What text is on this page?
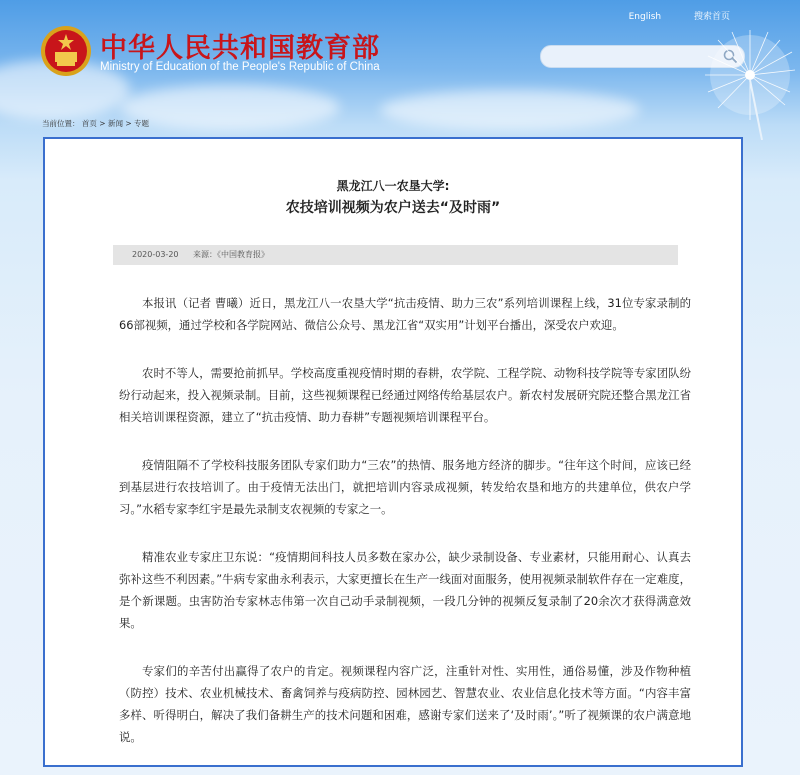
中华人民共和国教育部
Ministry of Education of the People's Republic of China
English	搜索首页
当前位置： 首页 > 新闻 > 专题
黑龙江八一农垦大学:
农技培训视频为农户送去“及时雨”
2020-03-20 来源：《中国教育报》

本报讯（记者 曹曦）近日，黑龙江八一农垦大学“抗击疫情、助力三农”系列培训课程上线，31位专家录制的66部视频，通过学校和各学院网站、微信公众号、黑龙江省“双实用”计划平台播出，深受农户欢迎。

农时不等人，需要抢前抓早。学校高度重视疫情时期的春耕，农学院、工程学院、动物科技学院等专家团队纷纷行动起来，投入视频录制。目前，这些视频课程已经通过网络传给基层农户。新农村发展研究院还整合黑龙江省相关培训课程资源，建立了“抗击疫情、助力春耕”专题视频培训课程平台。

疫情阻隔不了学校科技服务团队专家们助力“三农”的热情、服务地方经济的脚步。“往年这个时间，应该已经到基层进行农技培训了。由于疫情无法出门，就把培训内容录成视频，转发给农垦和地方的共建单位，供农户学习。”水稻专家李红宇是最先录制支农视频的专家之一。

精准农业专家庄卫东说：“疫情期间科技人员多数在家办公，缺少录制设备、专业素材，只能用耐心、认真去弥补这些不利因素。”牛病专家曲永利表示，大家更擅长在生产一线面对面服务，使用视频录制软件存在一定难度，是个新课题。虫害防治专家林志伟第一次自己动手录制视频，一段几分钟的视频反复录制了20余次才获得满意效果。

专家们的辛苦付出赢得了农户的肯定。视频课程内容广泛，注重针对性、实用性，通俗易懂，涉及作物种植（防控）技术、农业机械技术、畜禽饲养与疫病防控、园林园艺、智慧农业、农业信息化技术等方面。“内容丰富多样、听得明白，解决了我们备耕生产的技术问题和困难，感谢专家们送来了‘及时雨’。”听了视频课的农户满意地说。
